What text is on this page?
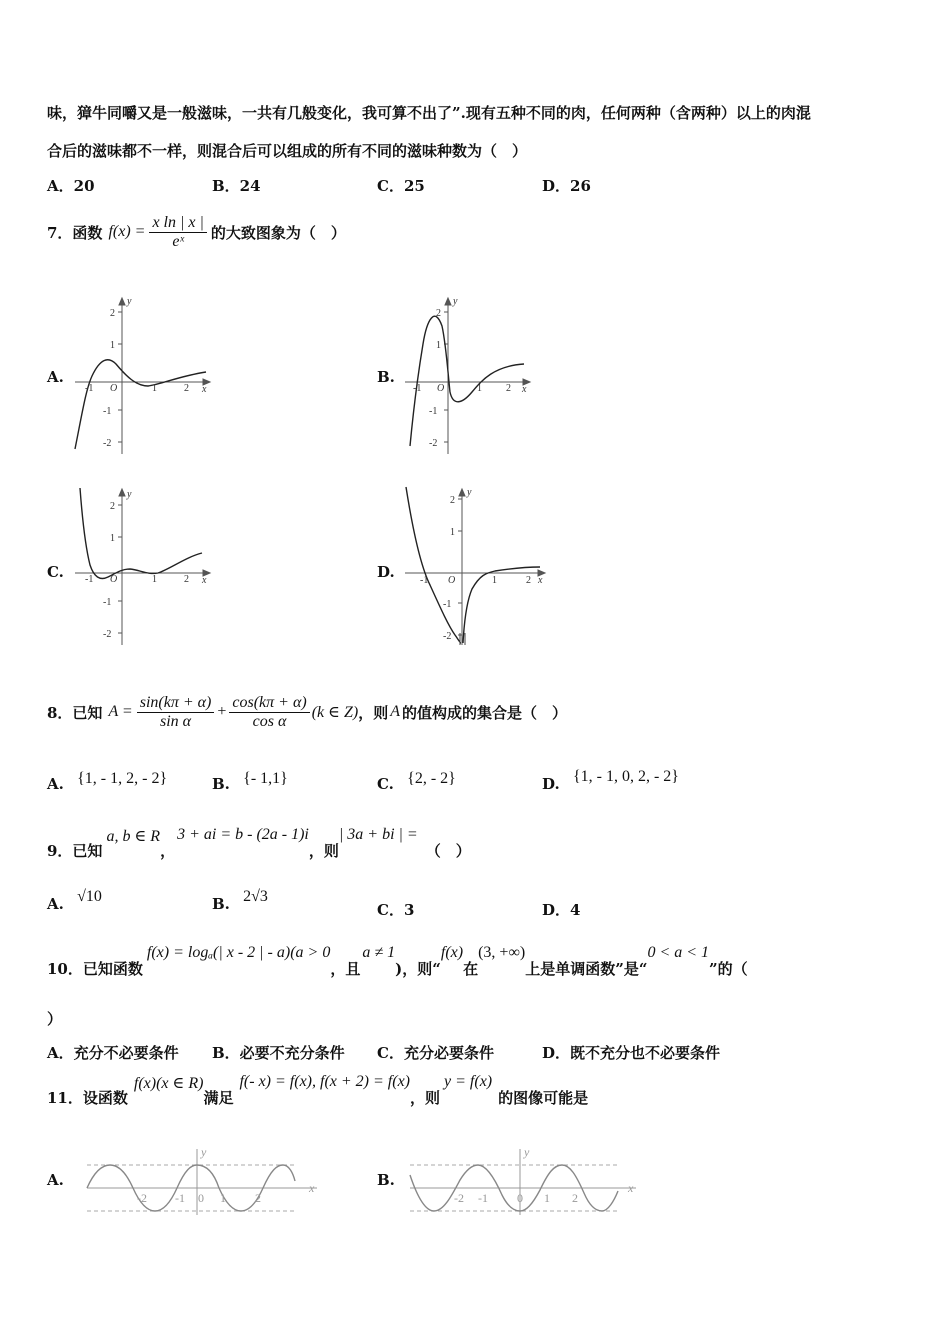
味，獐牛同嚼又是一般滋味，一共有几般变化，我可算不出了”.现有五种不同的肉，任何两种（含两种）以上的肉混
合后的滋味都不一样，则混合后可以组成的所有不同的滋味种数为（　）
A．20	B．24	C．25	D．26
7．函数 $f(x) = \frac{\text{x ln | x |}}{\text{eˣ}}$ 的大致图象为（　）
A.	B.
C.	D.
y
x
O
2
1
-1
-2
-1	1	2
y
x
O
2
1
-1
-2
-1	1 2
y
x
O
2
1
-1
-2
-1	1	2
y
x
O
2
1
-1
-2
-1	1	2
8．已知 $A = \frac{\sin(k\pi + \alpha)}{\text{sin α}} + \frac{\cos(k\pi + \alpha)}{\text{cos α}} (k$ ∈ Z) ，则 A 的值构成的集合是（　）
A. {1, - 1, 2, - 2}	B. {- 1,1}	C. {2, - 2}	D. {1, - 1, 0, 2, - 2}
9．已知
a, b ∈ R
，
3 + ai = b - (2a - 1)i
，则
| 3a + bi | =
（　）
A. √10	B. 2√3
C．3	D．4
10．已知函数
f(x) = logₐ(| x - 2 | - a)(a > 0
，且
a ≠ 1
)，则“
f(x)
在
(3, +∞)
上是单调函数”是“
0 < a < 1
”的（
）
A．充分不必要条件 B．必要不充分条件 C．充分必要条件	D．既不充分也不必要条件
11．设函数
f(x)(x ∈ R)
满足
f(- x) = f(x), f(x + 2) = f(x)
，则
y = f(x)
的图像可能是
A.	B.
x
y
-2 -1 0 1 2
x
y
-2 -1 0 1 2
